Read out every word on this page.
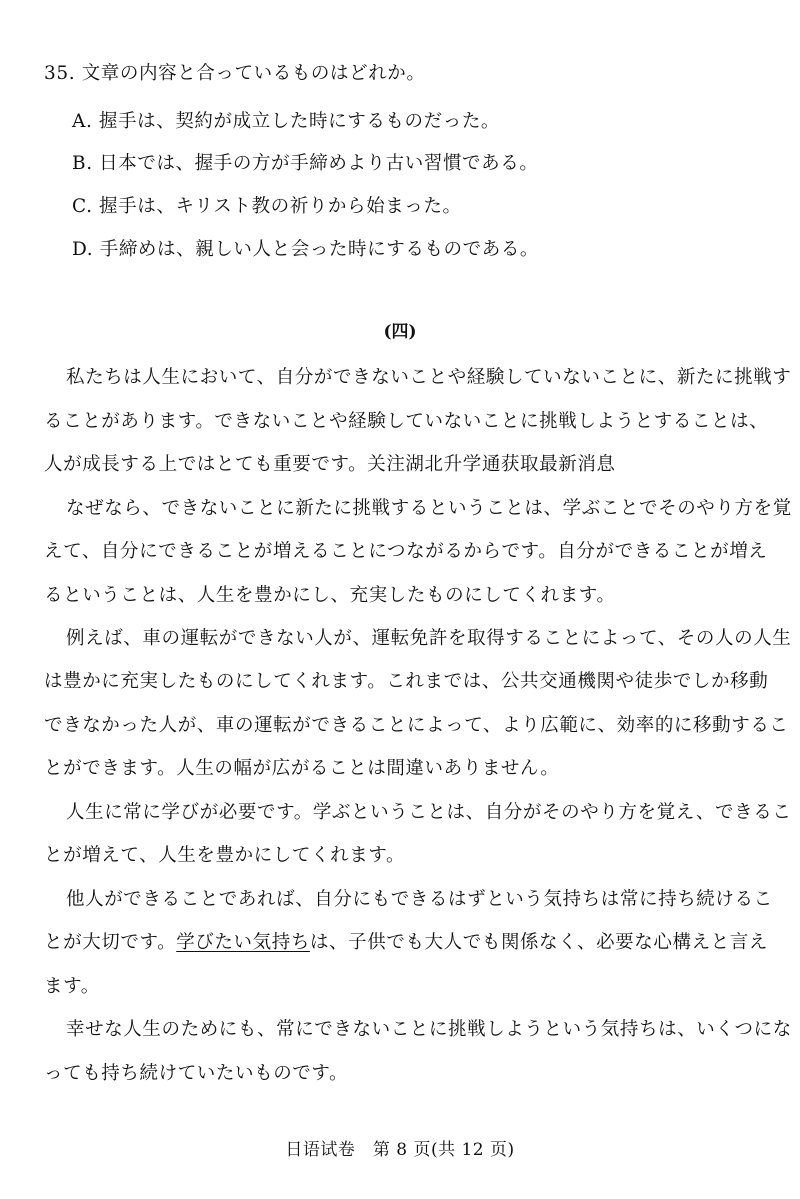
35. 文章の内容と合っているものはどれか。
A. 握手は、契約が成立した時にするものだった。
B. 日本では、握手の方が手締めより古い習慣である。
C. 握手は、キリスト教の祈りから始まった。
D. 手締めは、親しい人と会った時にするものである。
(四)
私たちは人生において、自分ができないことや経験していないことに、新たに挑戦す
ることがあります。できないことや経験していないことに挑戦しようとすることは、
人が成長する上ではとても重要です。关注湖北升学通获取最新消息
なぜなら、できないことに新たに挑戦するということは、学ぶことでそのやり方を覚
えて、自分にできることが増えることにつながるからです。自分ができることが増え
るということは、人生を豊かにし、充実したものにしてくれます。
例えば、車の運転ができない人が、運転免許を取得することによって、その人の人生
は豊かに充実したものにしてくれます。これまでは、公共交通機関や徒歩でしか移動
できなかった人が、車の運転ができることによって、より広範に、効率的に移動するこ
とができます。人生の幅が広がることは間違いありません。
人生に常に学びが必要です。学ぶということは、自分がそのやり方を覚え、できるこ
とが増えて、人生を豊かにしてくれます。
他人ができることであれば、自分にもできるはずという気持ちは常に持ち続けるこ
とが大切です。学びたい気持ちは、子供でも大人でも関係なく、必要な心構えと言え
ます。
幸せな人生のためにも、常にできないことに挑戦しようという気持ちは、いくつにな
っても持ち続けていたいものです。
日语试卷　第 8 页(共 12 页)
